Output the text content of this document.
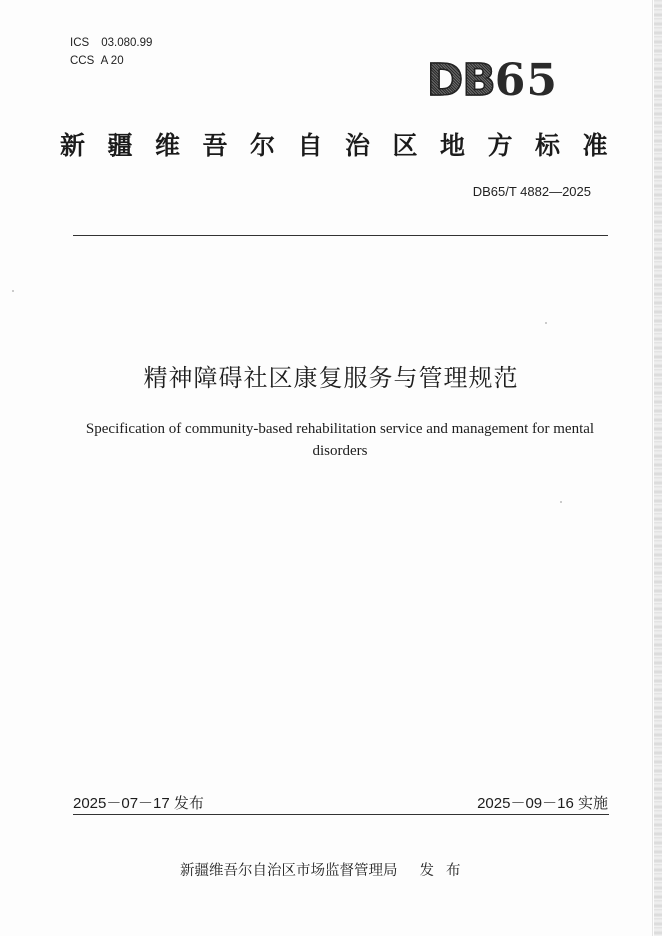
ICS 03.080.99
CCS A 20	DB65
新疆维吾尔自治区地方标准
DB65/T 4882—2025
精神障碍社区康复服务与管理规范
Specification of community-based rehabilitation service and management for mental
disorders
2025－07－17 发布	2025－09－16 实施
新疆维吾尔自治区市场监督管理局 发布
